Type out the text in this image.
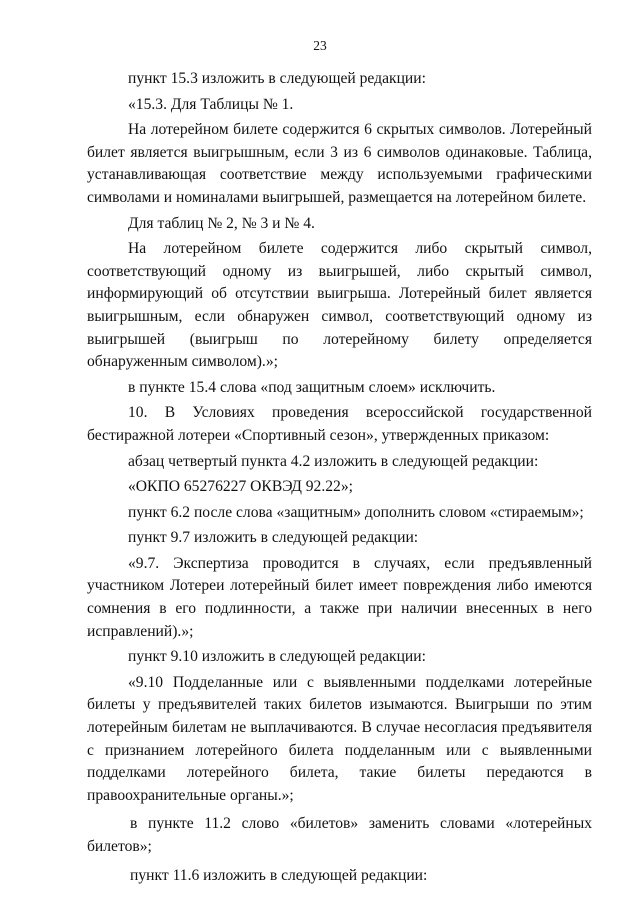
23

пункт 15.3 изложить в следующей редакции:

«15.3. Для Таблицы № 1.

На лотерейном билете содержится 6 скрытых символов. Лотерейный билет является выигрышным, если 3 из 6 символов одинаковые. Таблица, устанавливающая соответствие между используемыми графическими символами и номиналами выигрышей, размещается на лотерейном билете.

Для таблиц № 2, № 3 и № 4.

На лотерейном билете содержится либо скрытый символ, соответствующий одному из выигрышей, либо скрытый символ, информирующий об отсутствии выигрыша. Лотерейный билет является выигрышным, если обнаружен символ, соответствующий одному из выигрышей (выигрыш по лотерейному билету определяется обнаруженным символом).»;

в пункте 15.4 слова «под защитным слоем» исключить.

10. В Условиях проведения всероссийской государственной бестиражной лотереи «Спортивный сезон», утвержденных приказом:

абзац четвертый пункта 4.2 изложить в следующей редакции:

«ОКПО 65276227 ОКВЭД 92.22»;

пункт 6.2 после слова «защитным» дополнить словом «стираемым»;

пункт 9.7 изложить в следующей редакции:

«9.7. Экспертиза проводится в случаях, если предъявленный участником Лотереи лотерейный билет имеет повреждения либо имеются сомнения в его подлинности, а также при наличии внесенных в него исправлений).»;

пункт 9.10 изложить в следующей редакции:

«9.10 Подделанные или с выявленными подделками лотерейные билеты у предъявителей таких билетов изымаются. Выигрыши по этим лотерейным билетам не выплачиваются. В случае несогласия предъявителя с признанием лотерейного билета подделанным или с выявленными подделками лотерейного билета, такие билеты передаются в правоохранительные органы.»;

в пункте 11.2 слово «билетов» заменить словами «лотерейных билетов»;

пункт 11.6 изложить в следующей редакции:
